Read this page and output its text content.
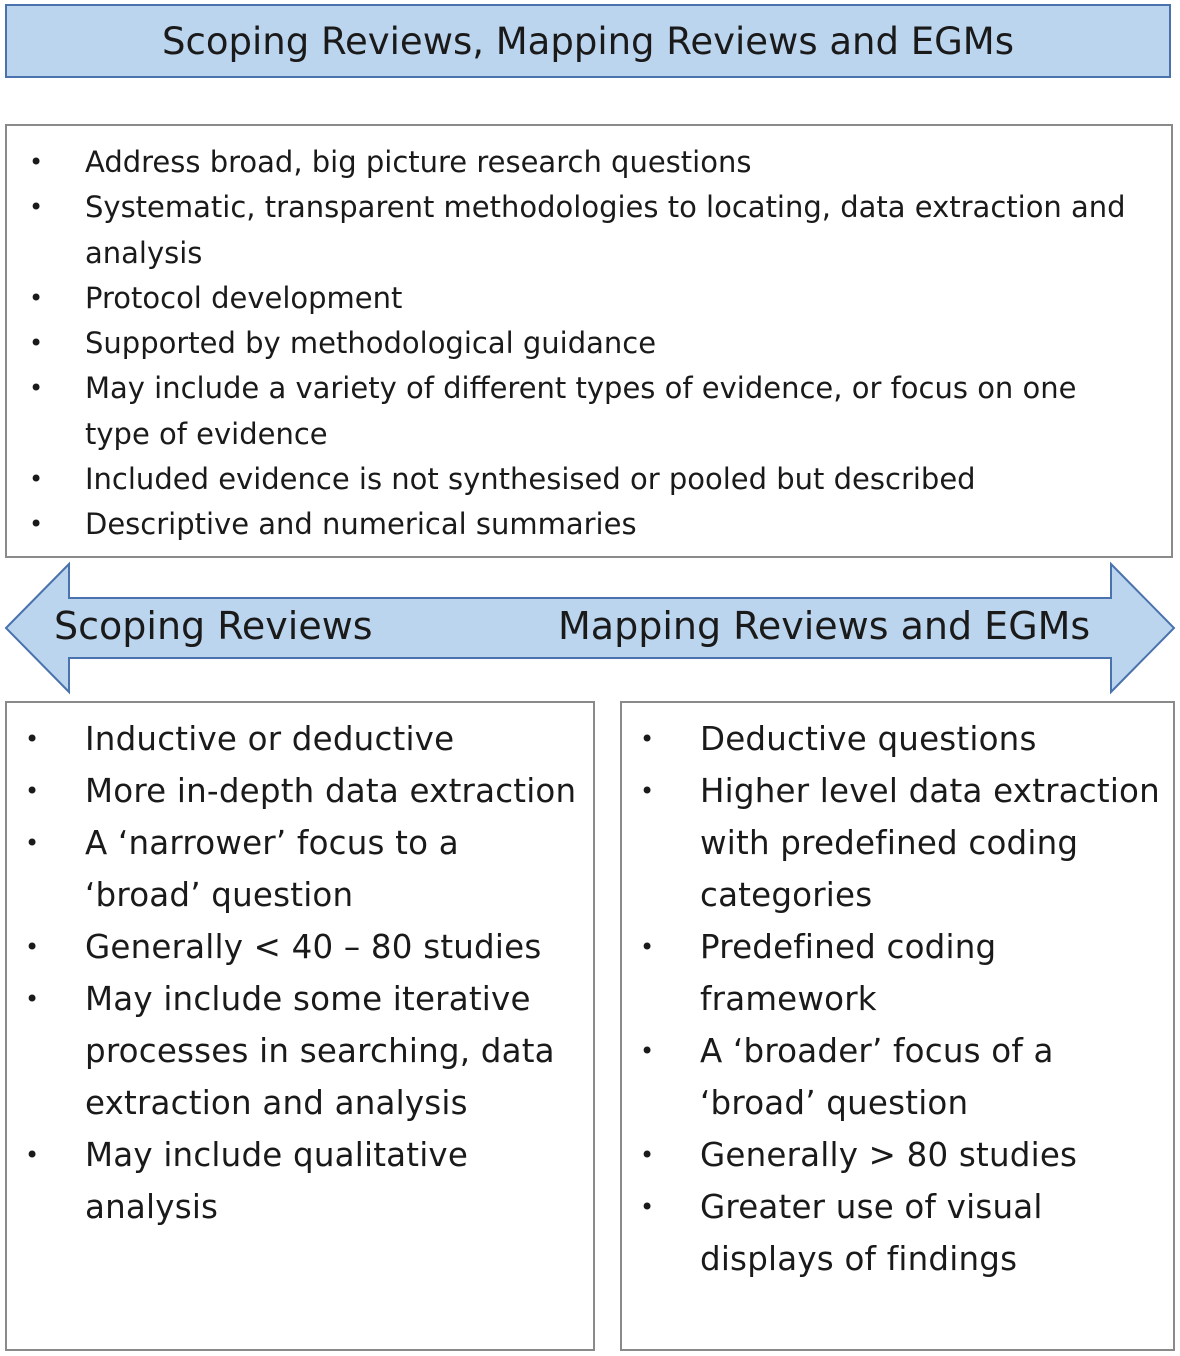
Scoping Reviews, Mapping Reviews and EGMs
• Address broad, big picture research questions
• Systematic, transparent methodologies to locating, data extraction and analysis
• Protocol development
• Supported by methodological guidance
• May include a variety of different types of evidence, or focus on one type of evidence
• Included evidence is not synthesised or pooled but described
• Descriptive and numerical summaries
Scoping Reviews	Mapping Reviews and EGMs
• Inductive or deductive
• More in-depth data extraction
• A ‘narrower’ focus to a ‘broad’ question
• Generally < 40 – 80 studies
• May include some iterative processes in searching, data extraction and analysis
• May include qualitative analysis
• Deductive questions
• Higher level data extraction with predefined coding categories
• Predefined coding framework
• A ‘broader’ focus of a ‘broad’ question
• Generally > 80 studies
• Greater use of visual displays of findings
